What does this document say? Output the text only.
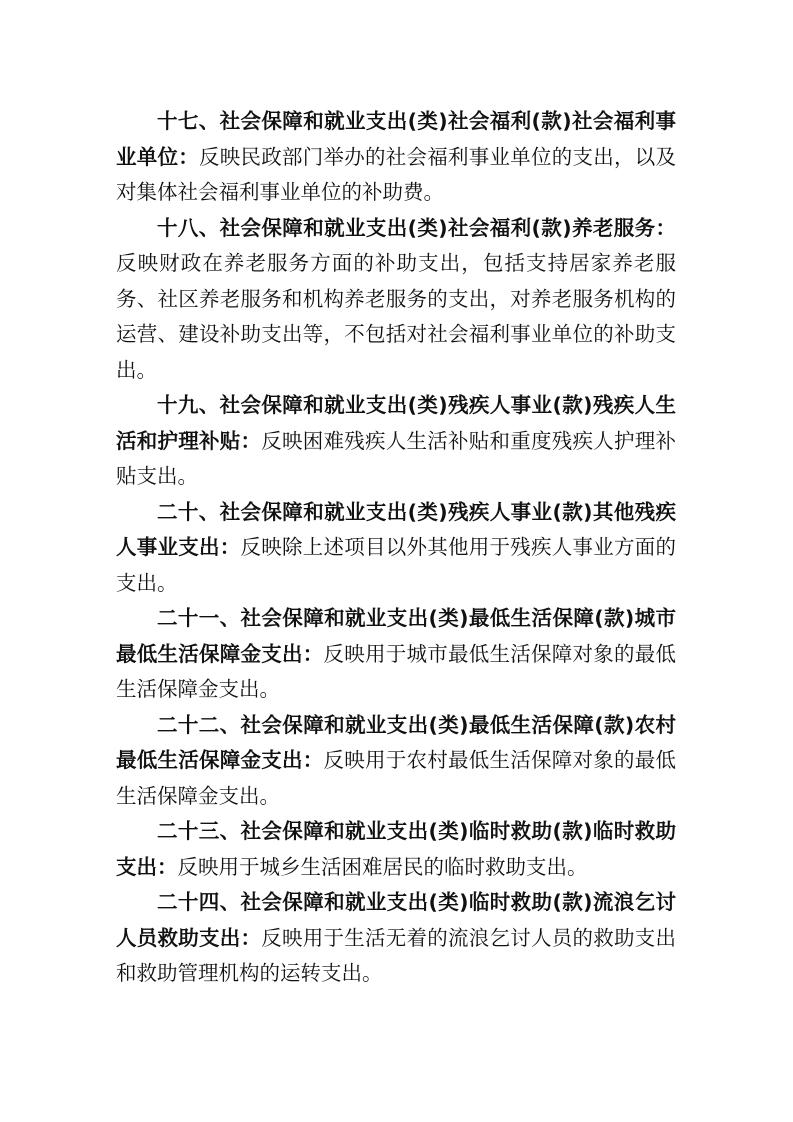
十七、社会保障和就业支出(类)社会福利(款)社会福利事业单位：反映民政部门举办的社会福利事业单位的支出，以及对集体社会福利事业单位的补助费。

十八、社会保障和就业支出(类)社会福利(款)养老服务：反映财政在养老服务方面的补助支出，包括支持居家养老服务、社区养老服务和机构养老服务的支出，对养老服务机构的运营、建设补助支出等，不包括对社会福利事业单位的补助支出。

十九、社会保障和就业支出(类)残疾人事业(款)残疾人生活和护理补贴：反映困难残疾人生活补贴和重度残疾人护理补贴支出。

二十、社会保障和就业支出(类)残疾人事业(款)其他残疾人事业支出：反映除上述项目以外其他用于残疾人事业方面的支出。

二十一、社会保障和就业支出(类)最低生活保障(款)城市最低生活保障金支出：反映用于城市最低生活保障对象的最低生活保障金支出。

二十二、社会保障和就业支出(类)最低生活保障(款)农村最低生活保障金支出：反映用于农村最低生活保障对象的最低生活保障金支出。

二十三、社会保障和就业支出(类)临时救助(款)临时救助支出：反映用于城乡生活困难居民的临时救助支出。

二十四、社会保障和就业支出(类)临时救助(款)流浪乞讨人员救助支出：反映用于生活无着的流浪乞讨人员的救助支出和救助管理机构的运转支出。
